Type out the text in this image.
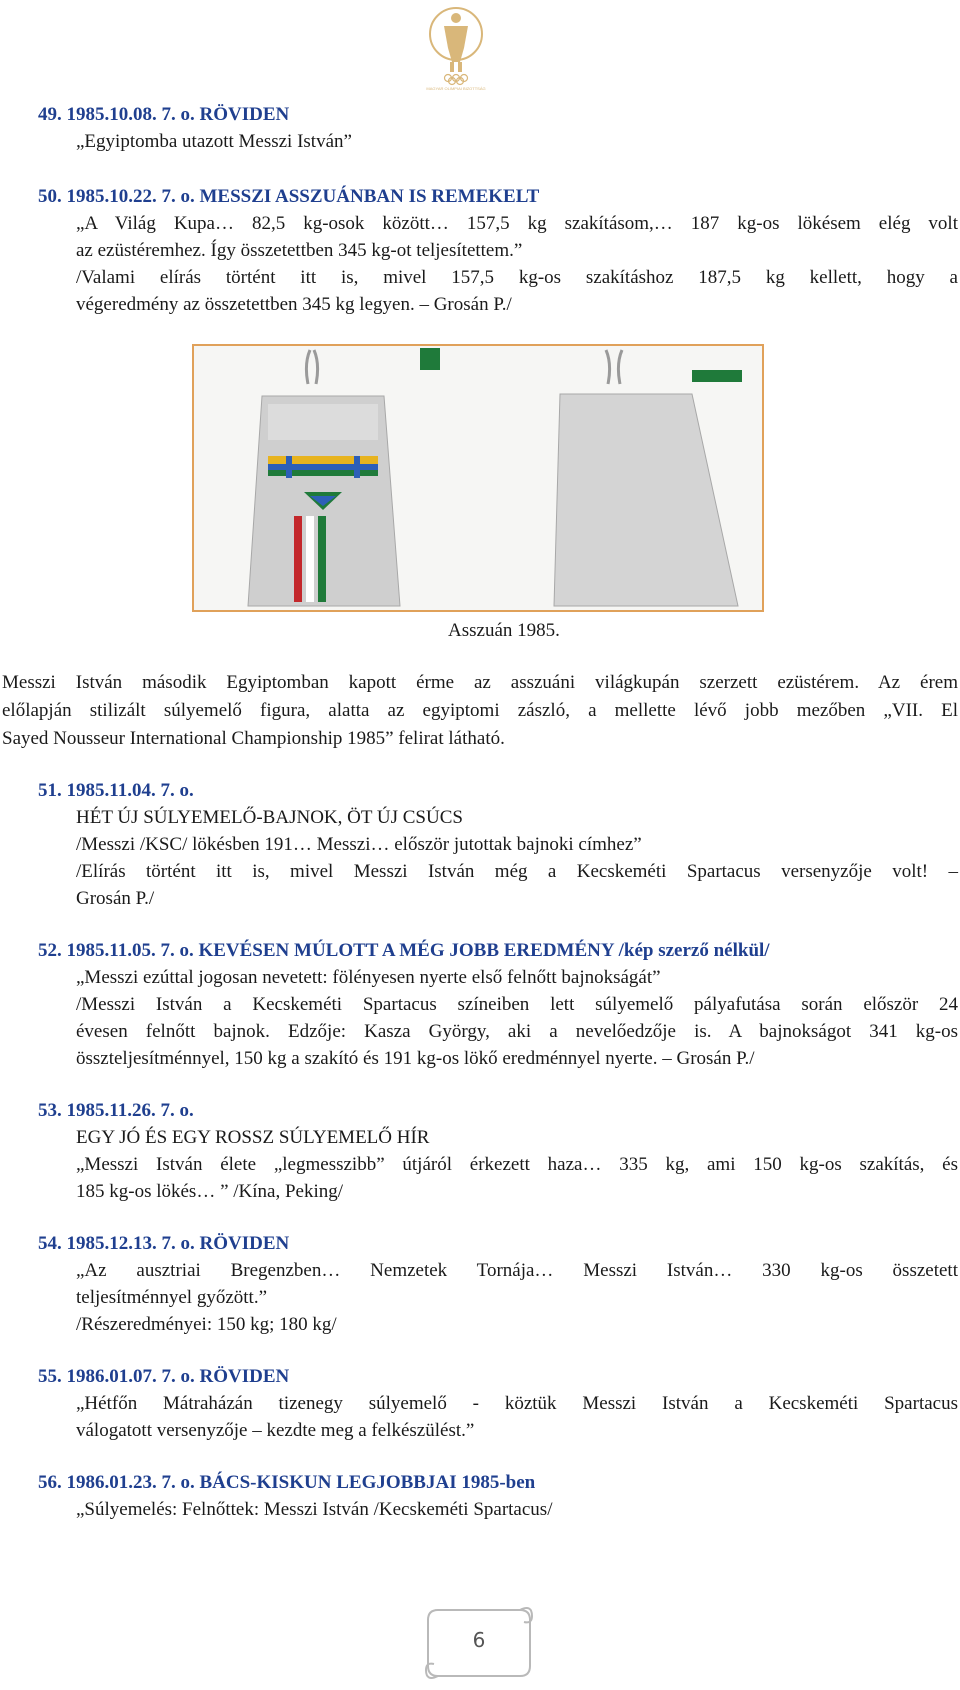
MAGYAR OLIMPIAI BIZOTTSÁG
49. 1985.10.08. 7. o. RÖVIDEN
„Egyiptomba utazott Messzi István”
50. 1985.10.22. 7. o. MESSZI ASSZUÁNBAN IS REMEKELT
„A Világ Kupa… 82,5 kg-osok között… 157,5 kg szakításom,… 187 kg-os lökésem elég volt
az ezüstéremhez. Így összetettben 345 kg-ot teljesítettem.”
/Valami elírás történt itt is, mivel 157,5 kg-os szakításhoz 187,5 kg kellett, hogy a
végeredmény az összetettben 345 kg legyen. – Grosán P./
Asszuán 1985.
Messzi István második Egyiptomban kapott érme az asszuáni világkupán szerzett ezüstérem. Az érem
előlapján stilizált súlyemelő figura, alatta az egyiptomi zászló, a mellette lévő jobb mezőben „VII. El
Sayed Nousseur International Championship 1985” felirat látható.
51. 1985.11.04. 7. o.
HÉT ÚJ SÚLYEMELŐ-BAJNOK, ÖT ÚJ CSÚCS
/Messzi /KSC/ lökésben 191… Messzi… először jutottak bajnoki címhez”
/Elírás történt itt is, mivel Messzi István még a Kecskeméti Spartacus versenyzője volt! –
Grosán P./
52. 1985.11.05. 7. o. KEVÉSEN MÚLOTT A MÉG JOBB EREDMÉNY /kép szerző nélkül/
„Messzi ezúttal jogosan nevetett: fölényesen nyerte első felnőtt bajnokságát”
/Messzi István a Kecskeméti Spartacus színeiben lett súlyemelő pályafutása során először 24
évesen felnőtt bajnok. Edzője: Kasza György, aki a nevelőedzője is. A bajnokságot 341 kg-os
összteljesítménnyel, 150 kg a szakító és 191 kg-os lökő eredménnyel nyerte. – Grosán P./
53. 1985.11.26. 7. o.
EGY JÓ ÉS EGY ROSSZ SÚLYEMELŐ HÍR
„Messzi István élete „legmesszibb” útjáról érkezett haza… 335 kg, ami 150 kg-os szakítás, és
185 kg-os lökés… ” /Kína, Peking/
54. 1985.12.13. 7. o. RÖVIDEN
„Az ausztriai Bregenzben… Nemzetek Tornája… Messzi István… 330 kg-os összetett
teljesítménnyel győzött.”
/Részeredményei: 150 kg; 180 kg/
55. 1986.01.07. 7. o. RÖVIDEN
„Hétfőn Mátraházán tizenegy súlyemelő - köztük Messzi István a Kecskeméti Spartacus
válogatott versenyzője – kezdte meg a felkészülést.”
56. 1986.01.23. 7. o. BÁCS-KISKUN LEGJOBBJAI 1985-ben
„Súlyemelés: Felnőttek: Messzi István /Kecskeméti Spartacus/
6
